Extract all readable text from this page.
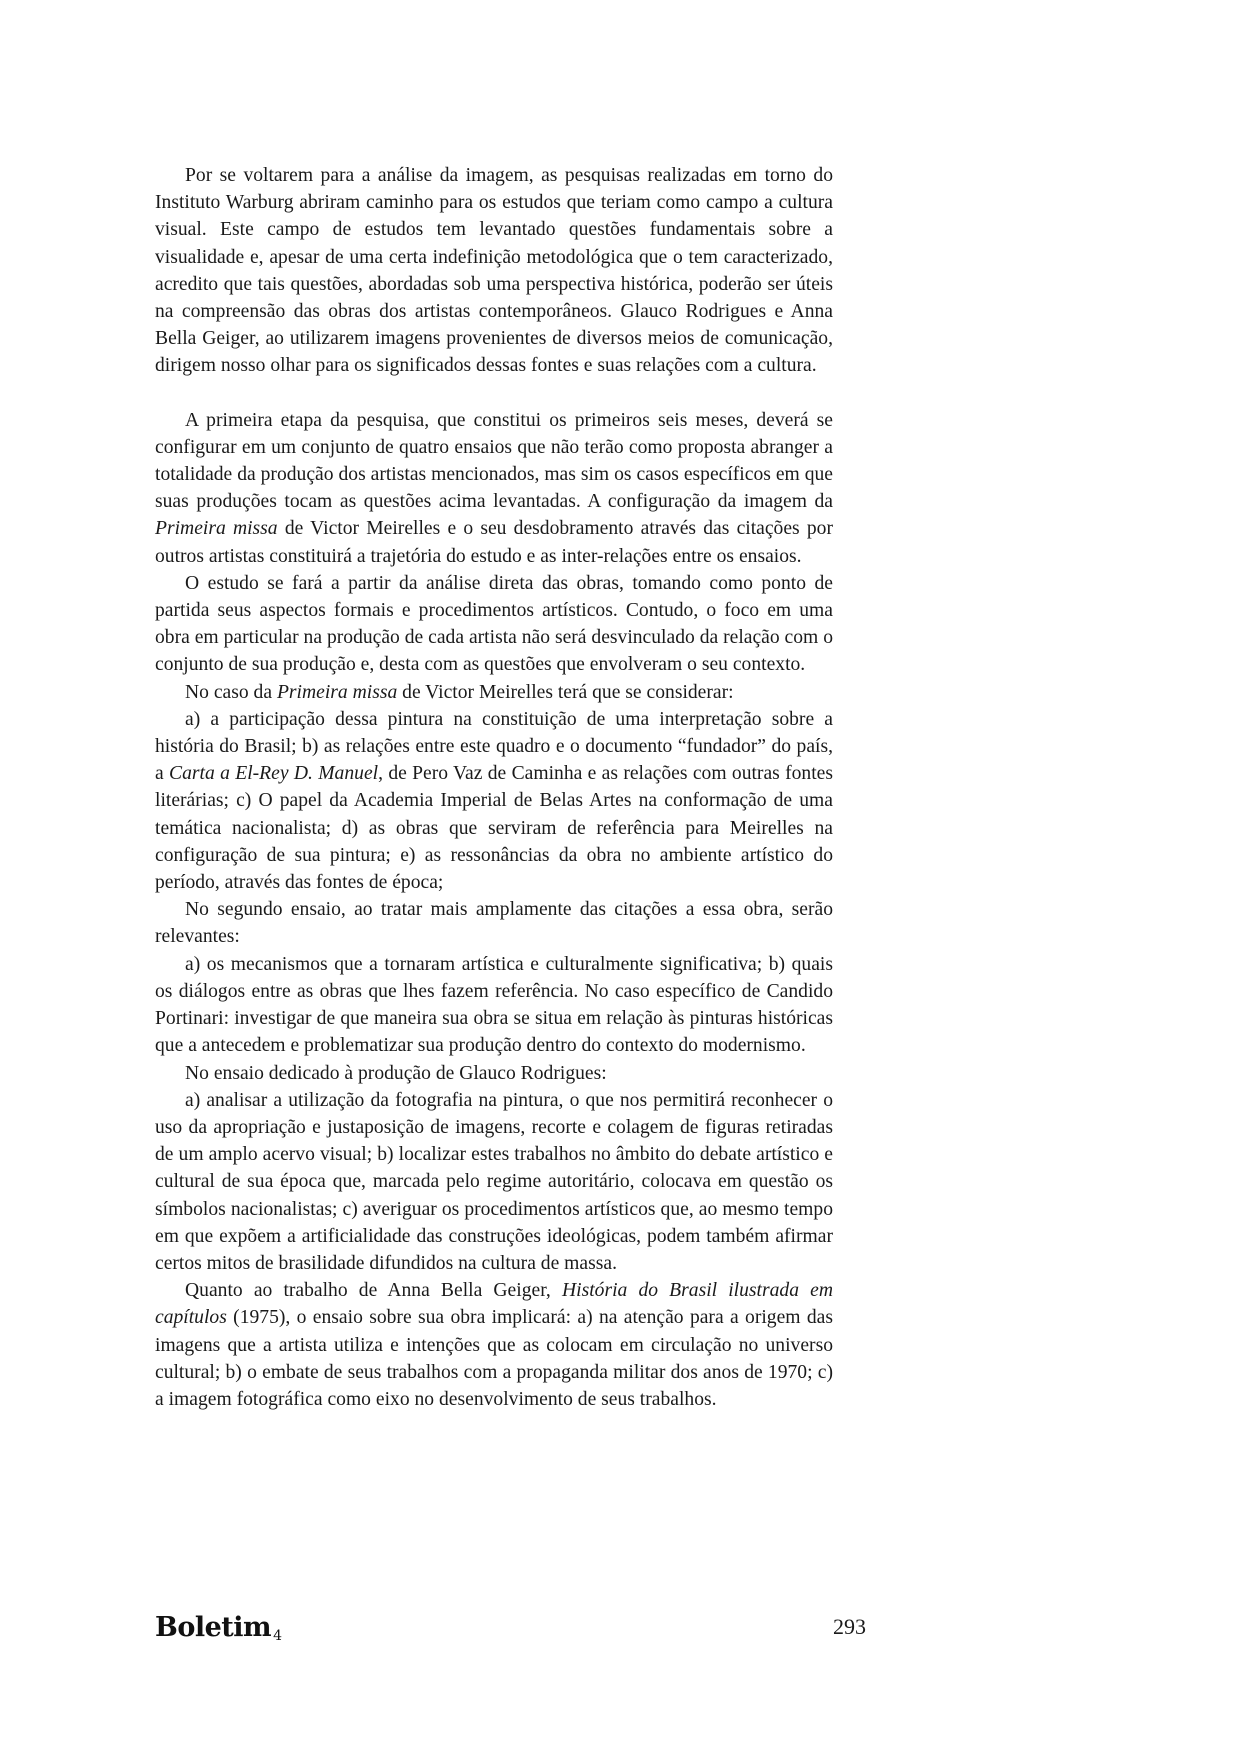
Por se voltarem para a análise da imagem, as pesquisas realizadas em torno do Instituto Warburg abriram caminho para os estudos que teriam como campo a cultura visual. Este campo de estudos tem levantado questões fundamentais sobre a visualidade e, apesar de uma certa indefinição metodológica que o tem caracterizado, acredito que tais questões, abordadas sob uma perspectiva histórica, poderão ser úteis na compreensão das obras dos artistas contemporâneos. Glauco Rodrigues e Anna Bella Geiger, ao utilizarem imagens provenientes de diversos meios de comunicação, dirigem nosso olhar para os significados dessas fontes e suas relações com a cultura.

A primeira etapa da pesquisa, que constitui os primeiros seis meses, deverá se configurar em um conjunto de quatro ensaios que não terão como proposta abranger a totalidade da produção dos artistas mencionados, mas sim os casos específicos em que suas produções tocam as questões acima levantadas. A configuração da imagem da Primeira missa de Victor Meirelles e o seu desdobramento através das citações por outros artistas constituirá a trajetória do estudo e as inter-relações entre os ensaios.

O estudo se fará a partir da análise direta das obras, tomando como ponto de partida seus aspectos formais e procedimentos artísticos. Contudo, o foco em uma obra em particular na produção de cada artista não será desvinculado da relação com o conjunto de sua produção e, desta com as questões que envolveram o seu contexto.

No caso da Primeira missa de Victor Meirelles terá que se considerar:

a) a participação dessa pintura na constituição de uma interpretação sobre a história do Brasil; b) as relações entre este quadro e o documento “fundador” do país, a Carta a El-Rey D. Manuel, de Pero Vaz de Caminha e as relações com outras fontes literárias; c) O papel da Academia Imperial de Belas Artes na conformação de uma temática nacionalista; d) as obras que serviram de referência para Meirelles na configuração de sua pintura; e) as ressonâncias da obra no ambiente artístico do período, através das fontes de época;

No segundo ensaio, ao tratar mais amplamente das citações a essa obra, serão relevantes:

a) os mecanismos que a tornaram artística e culturalmente significativa; b) quais os diálogos entre as obras que lhes fazem referência. No caso específico de Candido Portinari: investigar de que maneira sua obra se situa em relação às pinturas históricas que a antecedem e problematizar sua produção dentro do contexto do modernismo.

No ensaio dedicado à produção de Glauco Rodrigues:

a) analisar a utilização da fotografia na pintura, o que nos permitirá reconhecer o uso da apropriação e justaposição de imagens, recorte e colagem de figuras retiradas de um amplo acervo visual; b) localizar estes trabalhos no âmbito do debate artístico e cultural de sua época que, marcada pelo regime autoritário, colocava em questão os símbolos nacionalistas; c) averiguar os procedimentos artísticos que, ao mesmo tempo em que expõem a artificialidade das construções ideológicas, podem também afirmar certos mitos de brasilidade difundidos na cultura de massa.

Quanto ao trabalho de Anna Bella Geiger, História do Brasil ilustrada em capítulos (1975), o ensaio sobre sua obra implicará: a) na atenção para a origem das imagens que a artista utiliza e intenções que as colocam em circulação no universo cultural; b) o embate de seus trabalhos com a propaganda militar dos anos de 1970; c) a imagem fotográfica como eixo no desenvolvimento de seus trabalhos.

Boletim 4	293
